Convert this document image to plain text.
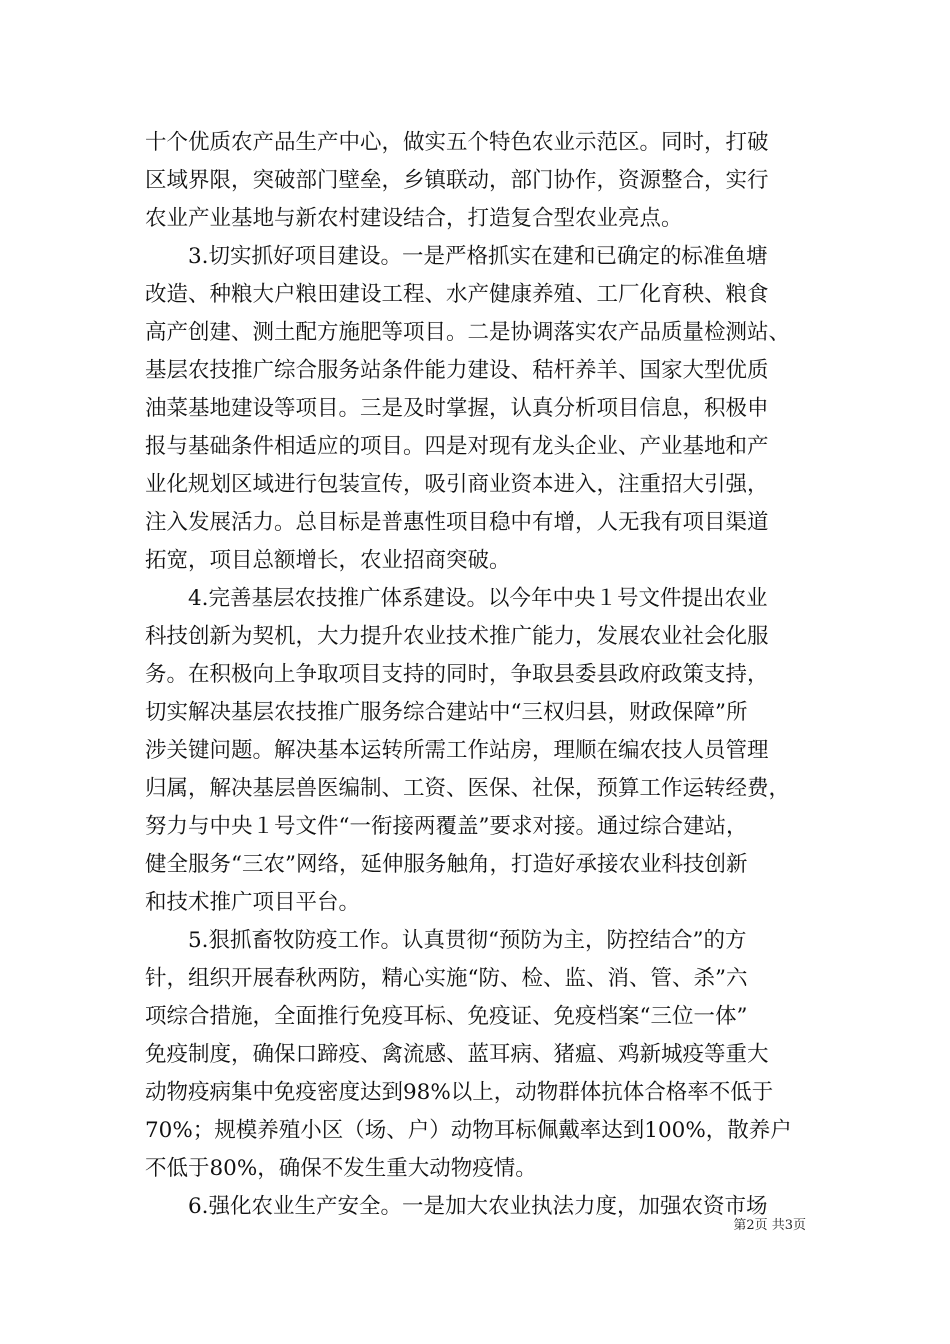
十个优质农产品生产中心，做实五个特色农业示范区。同时，打破
区域界限，突破部门壁垒，乡镇联动，部门协作，资源整合，实行
农业产业基地与新农村建设结合，打造复合型农业亮点。
　　3.切实抓好项目建设。一是严格抓实在建和已确定的标准鱼塘
改造、种粮大户粮田建设工程、水产健康养殖、工厂化育秧、粮食
高产创建、测土配方施肥等项目。二是协调落实农产品质量检测站、
基层农技推广综合服务站条件能力建设、秸杆养羊、国家大型优质
油菜基地建设等项目。三是及时掌握，认真分析项目信息，积极申
报与基础条件相适应的项目。四是对现有龙头企业、产业基地和产
业化规划区域进行包装宣传，吸引商业资本进入，注重招大引强，
注入发展活力。总目标是普惠性项目稳中有增，人无我有项目渠道
拓宽，项目总额增长，农业招商突破。
　　4.完善基层农技推广体系建设。以今年中央１号文件提出农业
科技创新为契机，大力提升农业技术推广能力，发展农业社会化服
务。在积极向上争取项目支持的同时，争取县委县政府政策支持，
切实解决基层农技推广服务综合建站中“三权归县，财政保障”所
涉关键问题。解决基本运转所需工作站房，理顺在编农技人员管理
归属，解决基层兽医编制、工资、医保、社保，预算工作运转经费，
努力与中央１号文件“一衔接两覆盖”要求对接。通过综合建站，
健全服务“三农”网络，延伸服务触角，打造好承接农业科技创新
和技术推广项目平台。
　　5.狠抓畜牧防疫工作。认真贯彻“预防为主，防控结合”的方
针，组织开展春秋两防，精心实施“防、检、监、消、管、杀”六
项综合措施，全面推行免疫耳标、免疫证、免疫档案“三位一体”
免疫制度，确保口蹄疫、禽流感、蓝耳病、猪瘟、鸡新城疫等重大
动物疫病集中免疫密度达到98%以上，动物群体抗体合格率不低于
70%；规模养殖小区（场、户）动物耳标佩戴率达到100%，散养户
不低于80%，确保不发生重大动物疫情。
　　6.强化农业生产安全。一是加大农业执法力度，加强农资市场
第2页 共3页
